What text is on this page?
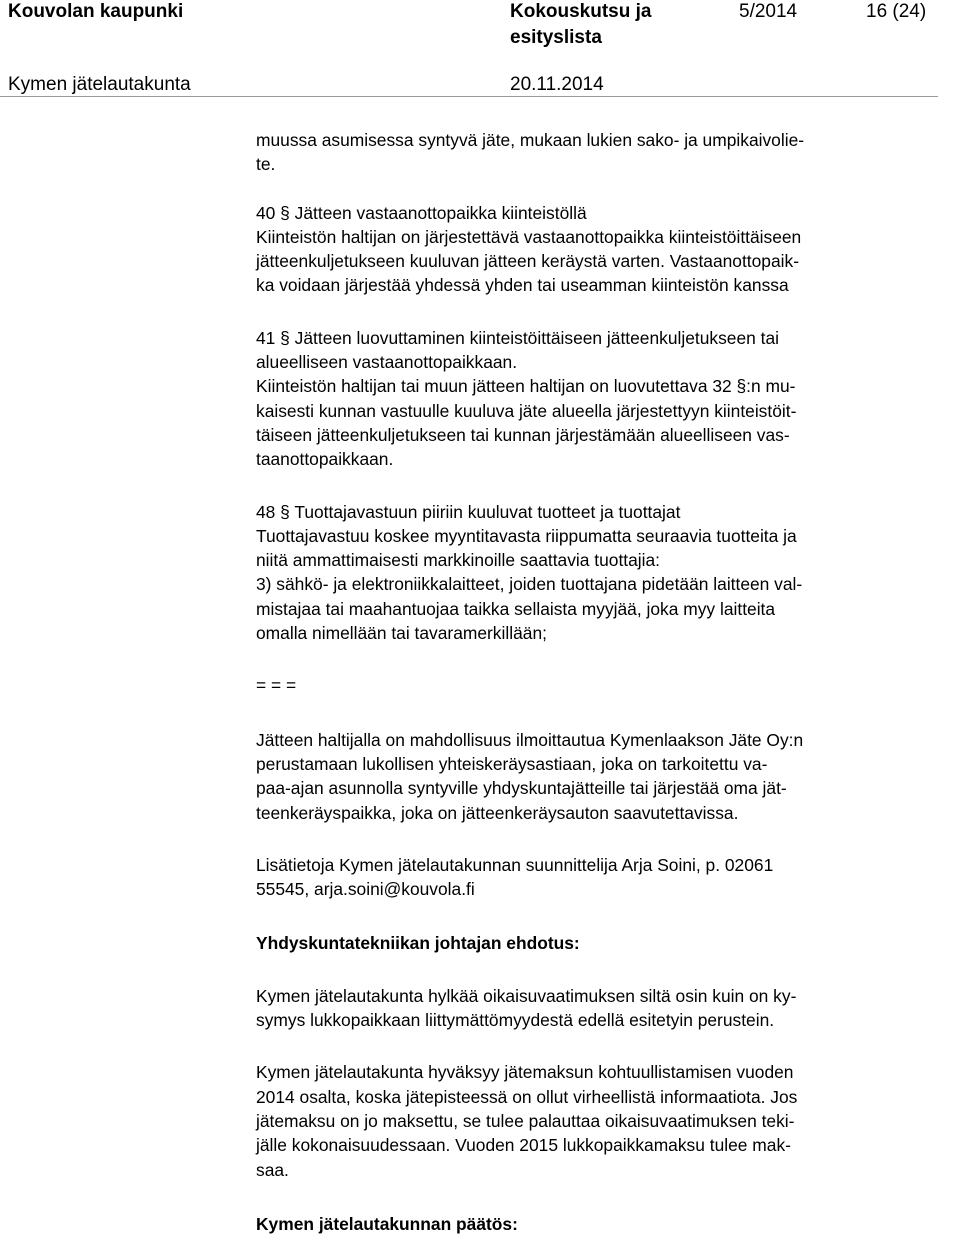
Kouvolan kaupunki	Kokouskutsu ja
esityslista
5/2014	16 (24)
Kymen jätelautakunta	20.11.2014

muussa asumisessa syntyvä jäte, mukaan lukien sako- ja umpikaivolie-

te.

40 § Jätteen vastaanottopaikka kiinteistöllä

Kiinteistön haltijan on järjestettävä vastaanottopaikka kiinteistöittäiseen

jätteenkuljetukseen kuuluvan jätteen keräystä varten. Vastaanottopaik-

ka voidaan järjestää yhdessä yhden tai useamman kiinteistön kanssa

41 § Jätteen luovuttaminen kiinteistöittäiseen jätteenkuljetukseen tai

alueelliseen vastaanottopaikkaan.

Kiinteistön haltijan tai muun jätteen haltijan on luovutettava 32 §:n mu-

kaisesti kunnan vastuulle kuuluva jäte alueella järjestettyyn kiinteistöit-

täiseen jätteenkuljetukseen tai kunnan järjestämään alueelliseen vas-

taanottopaikkaan.

48 § Tuottajavastuun piiriin kuuluvat tuotteet ja tuottajat

Tuottajavastuu koskee myyntitavasta riippumatta seuraavia tuotteita ja

niitä ammattimaisesti markkinoille saattavia tuottajia:

3) sähkö- ja elektroniikkalaitteet, joiden tuottajana pidetään laitteen val-

mistajaa tai maahantuojaa taikka sellaista myyjää, joka myy laitteita

omalla nimellään tai tavaramerkillään;

= = =

Jätteen haltijalla on mahdollisuus ilmoittautua Kymenlaakson Jäte Oy:n

perustamaan lukollisen yhteiskeräysastiaan, joka on tarkoitettu va-

paa-ajan asunnolla syntyville yhdyskuntajätteille tai järjestää oma jät-

teenkeräyspaikka, joka on jätteenkeräysauton saavutettavissa.

Lisätietoja Kymen jätelautakunnan suunnittelija Arja Soini, p. 02061

55545, arja.soini@kouvola.fi

Yhdyskuntatekniikan johtajan ehdotus:

Kymen jätelautakunta hylkää oikaisuvaatimuksen siltä osin kuin on ky-

symys lukkopaikkaan liittymättömyydestä edellä esitetyin perustein.

Kymen jätelautakunta hyväksyy jätemaksun kohtuullistamisen vuoden

2014 osalta, koska jätepisteessä on ollut virheellistä informaatiota. Jos

jätemaksu on jo maksettu, se tulee palauttaa oikaisuvaatimuksen teki-

jälle kokonaisuudessaan. Vuoden 2015 lukkopaikkamaksu tulee mak-

saa.

Kymen jätelautakunnan päätös:
